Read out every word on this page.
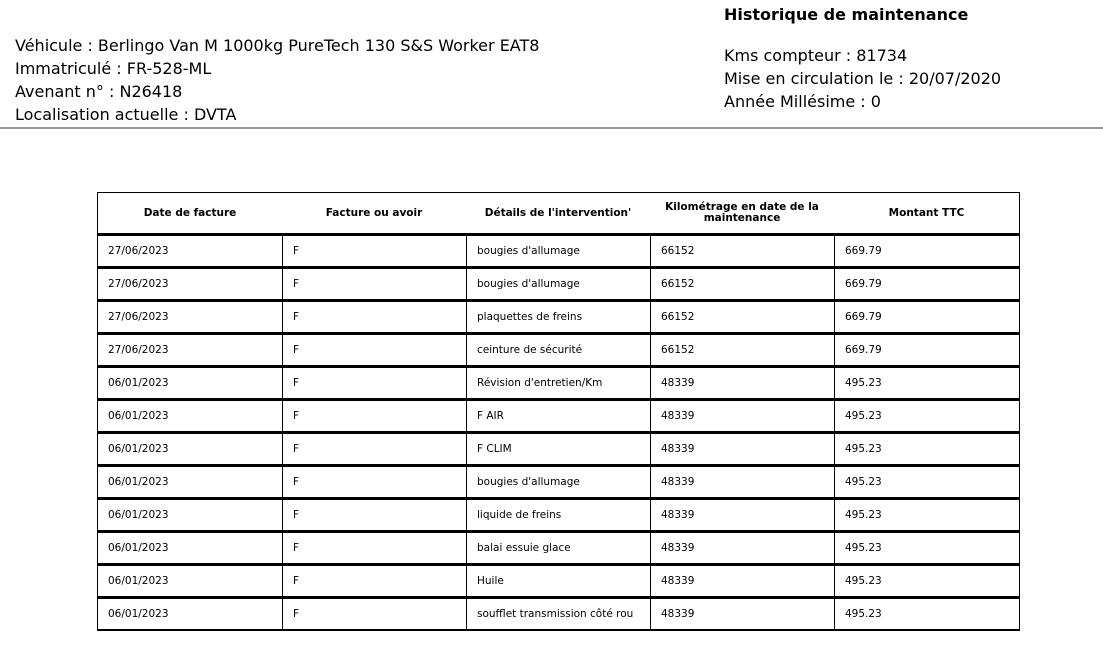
Véhicule : Berlingo Van M 1000kg PureTech 130 S&S Worker EAT8
Immatriculé : FR-528-ML
Avenant n° : N26418
Localisation actuelle : DVTA
Historique de maintenance
Kms compteur : 81734
Mise en circulation le : 20/07/2020
Année Millésime : 0
Date de facture	Facture ou avoir	Détails de l'intervention'	Kilométrage en date de la maintenance	Montant TTC
27/06/2023	F	bougies d'allumage	66152	669.79
27/06/2023	F	bougies d'allumage	66152	669.79
27/06/2023	F	plaquettes de freins	66152	669.79
27/06/2023	F	ceinture de sécurité	66152	669.79
06/01/2023	F	Révision d'entretien/Km	48339	495.23
06/01/2023	F	F AIR	48339	495.23
06/01/2023	F	F CLIM	48339	495.23
06/01/2023	F	bougies d'allumage	48339	495.23
06/01/2023	F	liquide de freins	48339	495.23
06/01/2023	F	balai essuie glace	48339	495.23
06/01/2023	F	Huile	48339	495.23
06/01/2023	F	soufflet transmission côté rou	48339	495.23
